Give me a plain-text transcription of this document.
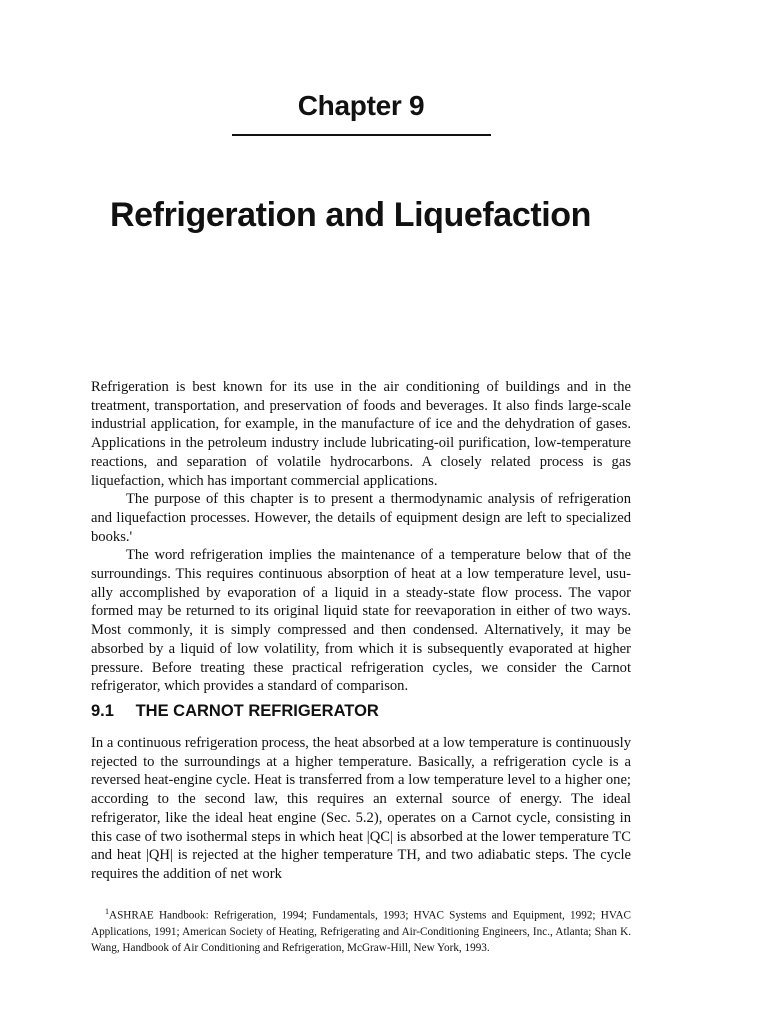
Chapter 9
Refrigeration and Liquefaction

Refrigeration is best known for its use in the air conditioning of buildings and in the treatment, transportation, and preservation of foods and beverages. It also finds large-scale industrial application, for example, in the manufacture of ice and the dehydration of gases. Applications in the petroleum industry include lubricating-oil purification, low-temperature reactions, and separation of volatile hydrocarbons. A closely related process is gas liquefaction, which has important commercial applications.

The purpose of this chapter is to present a thermodynamic analysis of refrigeration and liquefaction processes. However, the details of equipment design are left to specialized books.'

The word refrigeration implies the maintenance of a temperature below that of the surroundings. This requires continuous absorption of heat at a low temperature level, usually accomplished by evaporation of a liquid in a steady-state flow process. The vapor formed may be returned to its original liquid state for reevaporation in either of two ways. Most commonly, it is simply compressed and then condensed. Alternatively, it may be absorbed by a liquid of low volatility, from which it is subsequently evaporated at higher pressure. Before treating these practical refrigeration cycles, we consider the Carnot refrigerator, which provides a standard of comparison.

9.1 THE CARNOT REFRIGERATOR

In a continuous refrigeration process, the heat absorbed at a low temperature is continuously rejected to the surroundings at a higher temperature. Basically, a refrigeration cycle is a reversed heat-engine cycle. Heat is transferred from a low temperature level to a higher one; according to the second law, this requires an external source of energy. The ideal refrigerator, like the ideal heat engine (Sec. 5.2), operates on a Carnot cycle, consisting in this case of two isothermal steps in which heat |QC| is absorbed at the lower temperature TC and heat |QH| is rejected at the higher temperature TH, and two adiabatic steps. The cycle requires the addition of net work

$^1$ASHRAE Handbook: Refrigeration, 1994; Fundamentals, 1993; HVAC Systems and Equipment, 1992; HVAC Applications, 1991; American Society of Heating, Refrigerating and Air-Conditioning Engineers, Inc., Atlanta; Shan K. Wang, Handbook of Air Conditioning and Refrigeration, McGraw-Hill, New York, 1993.
